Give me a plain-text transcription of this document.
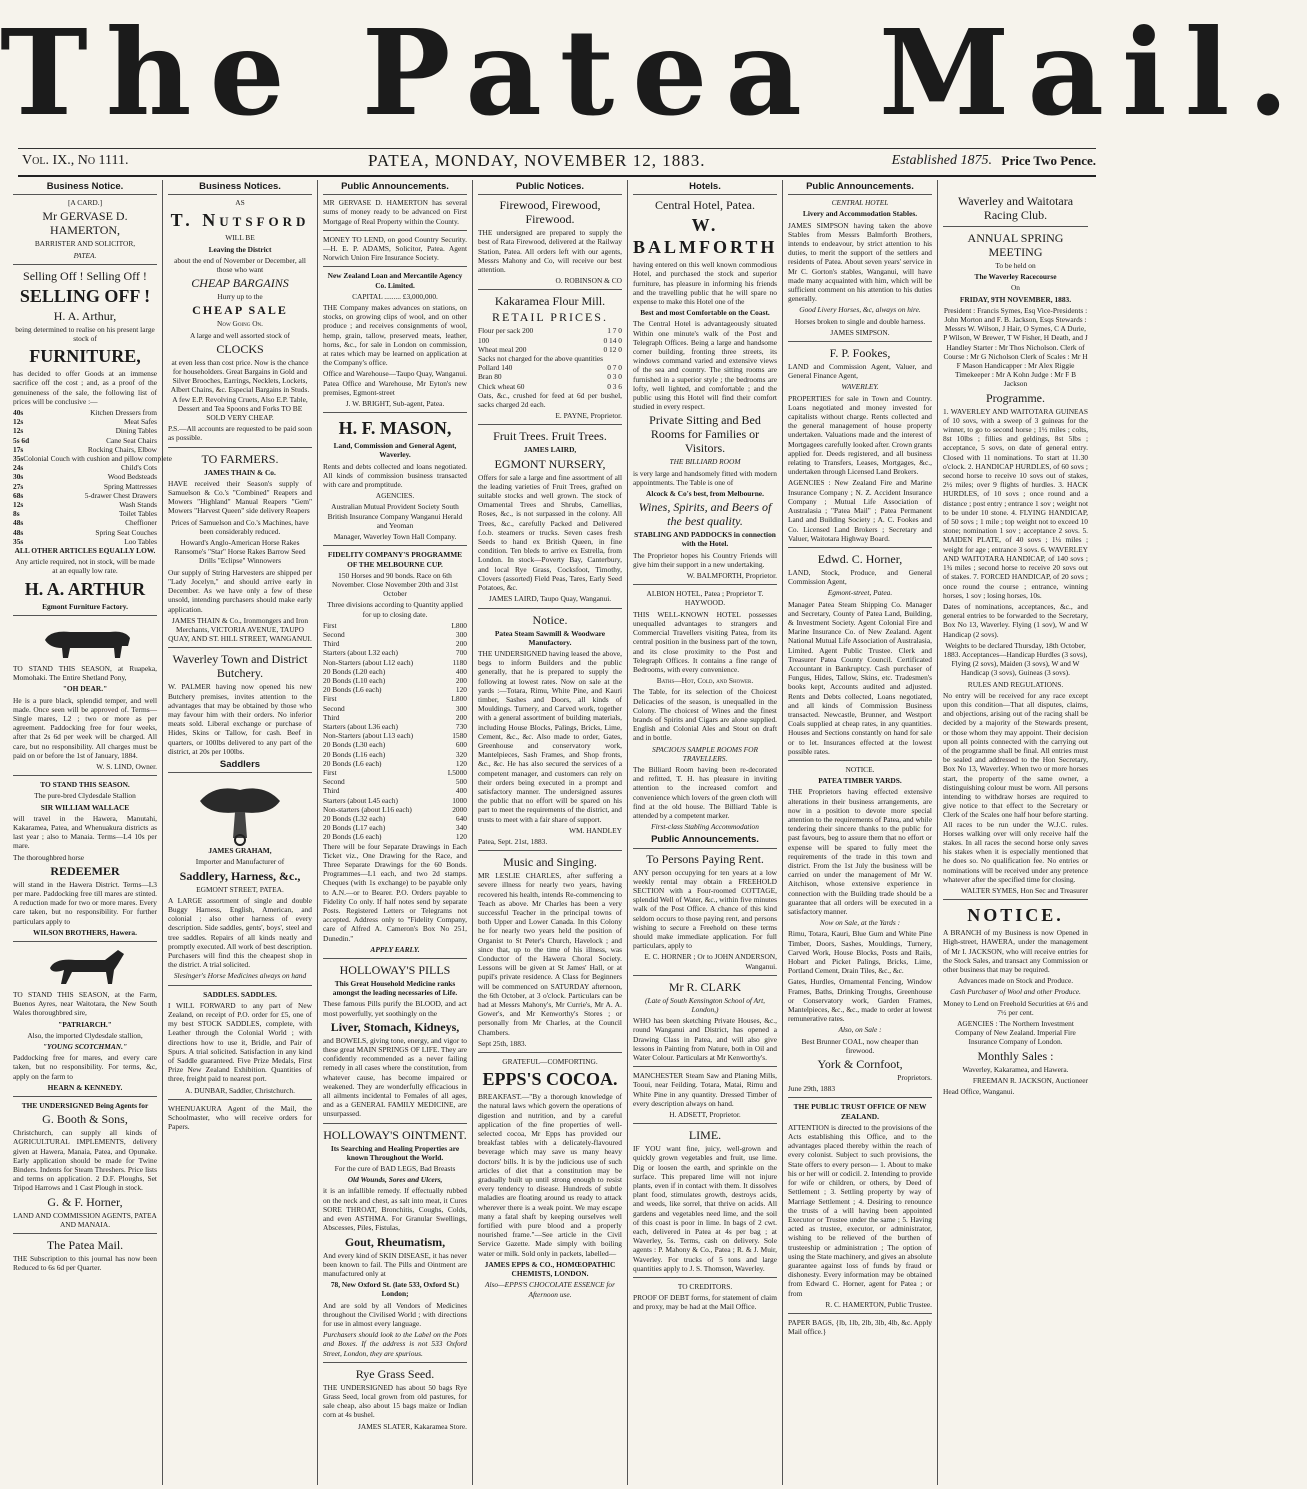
The Patea Mail.
Vol. IX., No 1111.	PATEA, MONDAY, NOVEMBER 12, 1883.	Established 1875. Price Two Pence.
Business Notice.

[A CARD.]

Mr GERVASE D. HAMERTON,

BARRISTER AND SOLICITOR,

PATEA.

Selling Off ! Selling Off !

SELLING OFF !

H. A. Arthur,

being determined to realise on his present large stock of

FURNITURE,

has decided to offer Goods at an immense sacrifice off the cost ; and, as a proof of the genuineness of the sale, the following list of prices will be conclusive :—

40s	Kitchen Dressers from
12s	Meat Safes
12s	Dining Tables
5s 6d	Cane Seat Chairs
17s	Rocking Chairs, Elbow
35s Colonial Couch with cushion and pillow complete
24s	Child's Cots
30s	Wood Bedsteads
27s	Spring Mattresses
68s	5-drawer Chest Drawers
12s	Wash Stands
8s	Toilet Tables
48s	Cheffioner
48s	Spring Seat Couches
35s	Loo Tables

ALL OTHER ARTICLES EQUALLY LOW.

Any article required, not in stock, will be made at an equally low rate.

H. A. ARTHUR

Egmont Furniture Factory.

TO STAND THIS SEASON, at Ruapeka, Momohaki. The Entire Shetland Pony,

"OH DEAR."

He is a pure black, splendid temper, and well made. Once seen will be approved of. Terms—Single mares, L2 ; two or more as per agreement. Paddocking free for four weeks, after that 2s 6d per week will be charged. All care, but no responsibility. All charges must be paid on or before the 1st of January, 1884.

W. S. LIND, Owner.

TO STAND THIS SEASON.

The pure-bred Clydesdale Stallion

SIR WILLIAM WALLACE

will travel in the Hawera, Manutahi, Kakaramea, Patea, and Whenuakura districts as last year ; also to Manaia. Terms—L4 10s per mare.

The thoroughbred horse

REDEEMER

will stand in the Hawera District. Terms—L3 per mare. Paddocking free till mares are stinted. A reduction made for two or more mares. Every care taken, but no responsibility. For further particulars apply to

WILSON BROTHERS, Hawera.

TO STAND THIS SEASON, at the Farm, Buenos Ayres, near Waitotara, the New South Wales thoroughbred sire,

"PATRIARCH."

Also, the imported Clydesdale stallion,

"YOUNG SCOTCHMAN."

Paddocking free for mares, and every care taken, but no responsibility. For terms, &c, apply on the farm to

HEARN & KENNEDY.

THE UNDERSIGNED Being Agents for

G. Booth & Sons,

Christchurch, can supply all kinds of AGRICULTURAL IMPLEMENTS, delivery given at Hawera, Manaia, Patea, and Opunake. Early application should be made for Twine Binders. Indents for Steam Threshers. Price lists and terms on application. 2 D.F. Ploughs, Set Tripod Harrows and 1 Cast Plough in stock.

G. & F. Horner,

LAND AND COMMISSION AGENTS, PATEA AND MANAIA.

The Patea Mail.

THE Subscription to this journal has now been Reduced to 6s 6d per Quarter.

Business Notices.

AS

T. Nutsford

WILL BE

Leaving the District

about the end of November or December, all those who want

CHEAP BARGAINS

Hurry up to the

CHEAP SALE

Now Going On.

A large and well assorted stock of

CLOCKS

at even less than cost price. Now is the chance for householders. Great Bargains in Gold and Silver Brooches, Earrings, Necklets, Lockets, Albert Chains, &c. Especial Bargains in Studs. A few E.P. Revolving Cruets, Also E.P. Table, Dessert and Tea Spoons and Forks TO BE SOLD VERY CHEAP.

P.S.—All accounts are requested to be paid soon as possible.

TO FARMERS.

JAMES THAIN & Co.

HAVE received their Season's supply of Samuelson & Co.'s "Combined" Reapers and Mowers "Highland" Manual Reapers "Gem" Mowers "Harvest Queen" side delivery Reapers

Prices of Samuelson and Co.'s Machines, have been considerably reduced.

Howard's Anglo-American Horse Rakes Ransome's "Star" Horse Rakes Barrow Seed Drills "Eclipse" Winnowers

Our supply of String Harvesters are shipped per "Lady Jocelyn," and should arrive early in December. As we have only a few of these unsold, intending purchasers should make early application.

JAMES THAIN & Co., Ironmongers and Iron Merchants, VICTORIA AVENUE, TAUPO QUAY, AND ST. HILL STREET, WANGANUI.

Waverley Town and District Butchery.

W. PALMER having now opened his new Butchery premises, invites attention to the advantages that may be obtained by those who may favour him with their orders. No inferior meats sold. Liberal exchange or purchase of Hides, Skins or Tallow, for cash. Beef in quarters, or 100lbs delivered to any part of the district, at 20s per 100lbs.

Saddlers

JAMES GRAHAM,

Importer and Manufacturer of

Saddlery, Harness, &c.,

EGMONT STREET, PATEA.

A LARGE assortment of single and double Buggy Harness, English, American, and colonial ; also other harness of every description. Side saddles, gents', boys', steel and tree saddles. Repairs of all kinds neatly and promptly executed. All work of best description. Purchasers will find this the cheapest shop in the district. A trial solicited.

Slesinger's Horse Medicines always on hand

SADDLES. SADDLES.

I WILL FORWARD to any part of New Zealand, on receipt of P.O. order for £5, one of my best STOCK SADDLES, complete, with Leather through the Colonial World ; with directions how to use it, Bridle, and Pair of Spurs. A trial solicited. Satisfaction in any kind of Saddle guaranteed. Five Prize Medals, First Prize New Zealand Exhibition. Quantities of three, freight paid to nearest port.

A. DUNBAR, Saddler, Christchurch.

WHENUAKURA Agent of the Mail, the Schoolmaster, who will receive orders for Papers.

Public Announcements.

MR GERVASE D. HAMERTON has several sums of money ready to be advanced on First Mortgage of Real Property within the County.

MONEY TO LEND, on good Country Security.—H. E. P. ADAMS, Solicitor, Patea. Agent Norwich Union Fire Insurance Society.

New Zealand Loan and Mercantile Agency Co. Limited.

CAPITAL ......... £3,000,000.

THE Company makes advances on stations, on stocks, on growing clips of wool, and on other produce ; and receives consignments of wool, hemp, grain, tallow, preserved meats, leather, horns, &c., for sale in London on commission, at rates which may be learned on application at the Company's office.

Office and Warehouse—Taupo Quay, Wanganui. Patea Office and Warehouse, Mr Eyton's new premises, Egmont-street

J. W. BRIGHT, Sub-agent, Patea.

H. F. MASON,

Land, Commission and General Agent, Waverley.

Rents and debts collected and loans negotiated. All kinds of commission business transacted with care and promptitude.

AGENCIES.

Australian Mutual Provident Society South British Insurance Company Wanganui Herald and Yeoman

Manager, Waverley Town Hall Company.

FIDELITY COMPANY'S PROGRAMME OF THE MELBOURNE CUP.

150 Horses and 90 bonds. Race on 6th November. Close November 20th and 31st October

Three divisions according to Quantity applied for up to closing date.

First	L800
Second	300
Third	200
Starters (about L32 each)	700
Non-Starters (about L12 each)	1180
20 Bonds (L20 each)	400
20 Bonds (L10 each)	200
20 Bonds (L6 each)	120
First	L800
Second	300
Third	200
Starters (about L36 each)	730
Non-Starters (about L13 each)	1580
20 Bonds (L30 each)	600
20 Bonds (L16 each)	320
20 Bonds (L6 each)	120
First	L5000
Second	500
Third	400
Starters (about L45 each)	1000
Non-starters (about L16 each)	2000
20 Bonds (L32 each)	640
20 Bonds (L17 each)	340
20 Bonds (L6 each)	120

There will be four Separate Drawings in Each Ticket viz., One Drawing for the Race, and Three Separate Drawings for the 60 Bonds. Programmes—L1 each, and two 2d stamps. Cheques (with 1s exchange) to be payable only to A.N.—or to Bearer. P.O. Orders payable to Fidelity Co only. If half notes send by separate Posts. Registered Letters or Telegrams not accepted. Address only to "Fidelity Company, care of Alfred A. Cameron's Box No 251, Dunedin."

APPLY EARLY.

HOLLOWAY'S PILLS

This Great Household Medicine ranks amongst the leading necessaries of Life.

These famous Pills purify the BLOOD, and act most powerfully, yet soothingly on the

Liver, Stomach, Kidneys,

and BOWELS, giving tone, energy, and vigor to these great MAIN SPRINGS OF LIFE. They are confidently recommended as a never failing remedy in all cases where the constitution, from whatever cause, has become impaired or weakened. They are wonderfully efficacious in all ailments incidental to Females of all ages, and as a GENERAL FAMILY MEDICINE, are unsurpassed.

HOLLOWAY'S OINTMENT.

Its Searching and Healing Properties are known Throughout the World.

For the cure of BAD LEGS, Bad Breasts

Old Wounds, Sores and Ulcers,

it is an infallible remedy. If effectually rubbed on the neck and chest, as salt into meat, it Cures SORE THROAT, Bronchitis, Coughs, Colds, and even ASTHMA. For Granular Swellings, Abscesses, Piles, Fistulas,

Gout, Rheumatism,

And every kind of SKIN DISEASE, it has never been known to fail. The Pills and Ointment are manufactured only at

78, New Oxford St. (late 533, Oxford St.) London;

And are sold by all Vendors of Medicines throughout the Civilised World ; with directions for use in almost every language.

Purchasers should look to the Label on the Pots and Boxes. If the address is not 533 Oxford Street, London, they are spurious.

Rye Grass Seed.

THE UNDERSIGNED has about 50 bags Rye Grass Seed, local grown from old pastures, for sale cheap, also about 15 bags maize or Indian corn at 4s bushel.

JAMES SLATER, Kakaramea Store.

Public Notices.

Firewood, Firewood, Firewood.

THE undersigned are prepared to supply the best of Rata Firewood, delivered at the Railway Station, Patea. All orders left with our agents, Messrs Mahony and Co, will receive our best attention.

O. ROBINSON & CO

Kakaramea Flour Mill.

RETAIL PRICES.

Flour per sack 200	1 7 0
100	0 14 0
Wheat meal 200	0 12 0
Sacks not charged for the above quantities
Pollard 140	0 7 0
Bran 80	0 3 0
Chick wheat 60	0 3 6

Oats, &c., crushed for feed at 6d per bushel, sacks charged 2d each.

E. PAYNE, Proprietor.

Fruit Trees. Fruit Trees.

JAMES LAIRD,

EGMONT NURSERY,

Offers for sale a large and fine assortment of all the leading varieties of Fruit Trees, grafted on suitable stocks and well grown. The stock of Ornamental Trees and Shrubs, Camellias, Roses, &c., is not surpassed in the colony. All Trees, &c., carefully Packed and Delivered f.o.b. steamers or trucks. Seven cases fresh Seeds to hand ex British Queen, in fine condition. Ten bleds to arrive ex Estrella, from London. In stock—Poverty Bay, Canterbury, and local Rye Grass, Cocksfoot, Timothy, Clovers (assorted) Field Peas, Tares, Early Seed Potatoes, &c.

JAMES LAIRD, Taupo Quay, Wanganui.

Notice.

Patea Steam Sawmill & Woodware Manufactory.

THE UNDERSIGNED having leased the above, begs to inform Builders and the public generally, that he is prepared to supply the following at lowest rates. Now on sale at the yards :—Totara, Rimu, White Pine, and Kauri timber, Sashes and Doors, all kinds of Mouldings. Turnery, and Carved work, together with a general assortment of building materials, including House Blocks, Palings, Bricks, Lime, Cement, &c., &c. Also made to order, Gates, Greenhouse and conservatory work, Mantelpieces, Sash Frames, and Shop fronts, &c., &c. He has also secured the services of a competent manager, and customers can rely on their orders being executed in a prompt and satisfactory manner. The undersigned assures the public that no effort will be spared on his part to meet the requirements of the district, and trusts to meet with a fair share of support.

WM. HANDLEY

Patea, Sept. 21st, 1883.

Music and Singing.

MR LESLIE CHARLES, after suffering a severe illness for nearly two years, having recovered his health, intends Re-commencing to Teach as above. Mr Charles has been a very successful Teacher in the principal towns of both Upper and Lower Canada. In this Colony he for nearly two years held the position of Organist to St Peter's Church, Havelock ; and since that, up to the time of his illness, was Conductor of the Hawera Choral Society. Lessons will be given at St James' Hall, or at pupil's private residence. A Class for Beginners will be commenced on SATURDAY afternoon, the 6th October, at 3 o'clock. Particulars can be had at Messrs Mahony's, Mr Currie's, Mr A. A. Gower's, and Mr Kenworthy's Stores ; or personally from Mr Charles, at the Council Chambers.

Sept 25th, 1883.

GRATEFUL—COMFORTING.

EPPS'S COCOA.

BREAKFAST.—"By a thorough knowledge of the natural laws which govern the operations of digestion and nutrition, and by a careful application of the fine properties of well-selected cocoa, Mr Epps has provided our breakfast tables with a delicately-flavoured beverage which may save us many heavy doctors' bills. It is by the judicious use of such articles of diet that a constitution may be gradually built up until strong enough to resist every tendency to disease. Hundreds of subtle maladies are floating around us ready to attack wherever there is a weak point. We may escape many a fatal shaft by keeping ourselves well fortified with pure blood and a properly nourished frame."—See article in the Civil Service Gazette. Made simply with boiling water or milk. Sold only in packets, labelled—

JAMES EPPS & CO., HOMŒOPATHIC CHEMISTS, LONDON.

Also—EPPS'S CHOCOLATE ESSENCE for Afternoon use.

Hotels.

Central Hotel, Patea.

W. BALMFORTH

having entered on this well known commodious Hotel, and purchased the stock and superior furniture, has pleasure in informing his friends and the travelling public that he will spare no expense to make this Hotel one of the

Best and most Comfortable on the Coast.

The Central Hotel is advantageously situated Within one minute's walk of the Post and Telegraph Offices. Being a large and handsome corner building, fronting three streets, its windows command varied and extensive views of the sea and country. The sitting rooms are furnished in a superior style ; the bedrooms are lofty, well lighted, and comfortable ; and the public using this Hotel will find their comfort studied in every respect.

Private Sitting and Bed Rooms for Families or Visitors.

THE BILLIARD ROOM

is very large and handsomely fitted with modern appointments. The Table is one of

Alcock & Co's best, from Melbourne.

Wines, Spirits, and Beers of the best quality.

STABLING AND PADDOCKS in connection with the Hotel.

The Proprietor hopes his Country Friends will give him their support in a new undertaking.

W. BALMFORTH, Proprietor.

ALBION HOTEL, Patea ; Proprietor T. HAYWOOD.

THIS WELL-KNOWN HOTEL possesses unequalled advantages to strangers and Commercial Travellers visiting Patea, from its central position in the business part of the town, and its close proximity to the Post and Telegraph Offices. It contains a fine range of Bedrooms, with every convenience.

Baths—Hot, Cold, and Shower.

The Table, for its selection of the Choicest Delicacies of the season, is unequalled in the Colony. The choicest of Wines and the finest brands of Spirits and Cigars are alone supplied. English and Colonial Ales and Stout on draft and in bottle.

SPACIOUS SAMPLE ROOMS FOR TRAVELLERS.

The Billiard Room having been re-decorated and refitted, T. H. has pleasure in inviting attention to the increased comfort and convenience which lovers of the green cloth will find at the old house. The Billiard Table is attended by a competent marker.

First-class Stabling Accommodation

Public Announcements.

To Persons Paying Rent.

ANY person occupying for ten years at a low weekly rental may obtain a FREEHOLD SECTION with a Four-roomed COTTAGE, splendid Well of Water, &c., within five minutes walk of the Post Office. A chance of this kind seldom occurs to those paying rent, and persons wishing to secure a Freehold on these terms should make immediate application. For full particulars, apply to

E. C. HORNER ; Or to JOHN ANDERSON, Wanganui.

Mr R. CLARK

(Late of South Kensington School of Art, London,)

WHO has been sketching Private Houses, &c., round Wanganui and District, has opened a Drawing Class in Patea, and will also give lessons in Painting from Nature, both in Oil and Water Colour. Particulars at Mr Kenworthy's.

MANCHESTER Steam Saw and Planing Mills, Tooui, near Feilding. Totara, Matai, Rimu and White Pine in any quantity. Dressed Timber of every description always on hand.

H. ADSETT, Proprietor.

LIME.

IF YOU want fine, juicy, well-grown and quickly grown vegetables and fruit, use lime. Dig or loosen the earth, and sprinkle on the surface. This prepared lime will not injure plants, even if in contact with them. It dissolves plant food, stimulates growth, destroys acids, and weeds, like sorrel, that thrive on acids. All gardens and vegetables need lime, and the soil of this coast is poor in lime. In bags of 2 cwt. each, delivered in Patea at 4s per bag ; at Waverley, 5s. Terms, cash on delivery. Sole agents : P. Mahony & Co., Patea ; R. & J. Muir, Waverley. For trucks of 5 tons and large quantities apply to J. S. Thomson, Waverley.

TO CREDITORS.

PROOF OF DEBT forms, for statement of claim and proxy, may be had at the Mail Office.

Public Announcements.

CENTRAL HOTEL

Livery and Accommodation Stables.

JAMES SIMPSON having taken the above Stables from Messrs Balmforth Brothers, intends to endeavour, by strict attention to his duties, to merit the support of the settlers and residents of Patea. About seven years' service in Mr C. Gorton's stables, Wanganui, will have made many acquainted with him, which will be sufficient comment on his attention to his duties generally.

Good Livery Horses, &c, always on hire.

Horses broken to single and double harness.

JAMES SIMPSON.

F. P. Fookes,

LAND and Commission Agent, Valuer, and General Finance Agent,

WAVERLEY.

PROPERTIES for sale in Town and Country. Loans negotiated and money invested for capitalists without charge. Rents collected and the general management of house property undertaken. Valuations made and the interest of Mortgagees carefully looked after. Crown grants applied for. Deeds registered, and all business relating to Transfers, Leases, Mortgages, &c., undertaken through Licensed Land Brokers.

AGENCIES : New Zealand Fire and Marine Insurance Company ; N. Z. Accident Insurance Company ; Mutual Life Association of Australasia ; "Patea Mail" ; Patea Permanent Land and Building Society ; A. C. Fookes and Co. Licensed Land Brokers ; Secretary and Valuer, Waitotara Highway Board.

Edwd. C. Horner,

LAND, Stock, Produce, and General Commission Agent,

Egmont-street, Patea.

Manager Patea Steam Shipping Co. Manager and Secretary, County of Patea Land, Building, & Investment Society. Agent Colonial Fire and Marine Insurance Co. of New Zealand. Agent National Mutual Life Association of Australasia, Limited. Agent Public Trustee. Clerk and Treasurer Patea County Council. Certificated Accountant in Bankruptcy. Cash purchaser of Fungus, Hides, Tallow, Skins, etc. Tradesmen's books kept, Accounts audited and adjusted. Rents and Debts collected, Loans negotiated, and all kinds of Commission Business transacted. Newcastle, Brunner, and Westport Coals supplied at cheap rates, in any quantities. Houses and Sections constantly on hand for sale or to let. Insurances effected at the lowest possible rates.

NOTICE.

PATEA TIMBER YARDS.

THE Proprietors having effected extensive alterations in their business arrangements, are now in a position to devote more special attention to the requirements of Patea, and while tendering their sincere thanks to the public for past favours, beg to assure them that no effort or expense will be spared to fully meet the requirements of the trade in this town and district. From the 1st July the business will be carried on under the management of Mr W. Aitchison, whose extensive experience in connection with the Building trade should be a guarantee that all orders will be executed in a satisfactory manner.

Now on Sale, at the Yards :

Rimu, Totara, Kauri, Blue Gum and White Pine Timber, Doors, Sashes, Mouldings, Turnery, Carved Work, House Blocks, Posts and Rails, Hobart and Picket Palings, Bricks, Lime, Portland Cement, Drain Tiles, &c., &c.

Gates, Hurdles, Ornamental Fencing, Window Frames, Baths, Drinking Troughs, Greenhouse or Conservatory work, Garden Frames, Mantelpieces, &c., &c., made to order at lowest remunerative rates.

Also, on Sale :

Best Brunner COAL, now cheaper than firewood.

York & Cornfoot,

Proprietors.

June 29th, 1883

THE PUBLIC TRUST OFFICE OF NEW ZEALAND.

ATTENTION is directed to the provisions of the Acts establishing this Office, and to the advantages placed thereby within the reach of every colonist. Subject to such provisions, the State offers to every person— 1. About to make his or her will or codicil. 2. Intending to provide for wife or children, or others, by Deed of Settlement ; 3. Settling property by way of Marriage Settlement ; 4. Desiring to renounce the trusts of a will having been appointed Executor or Trustee under the same ; 5. Having acted as trustee, executor, or administrator, wishing to be relieved of the burthen of trusteeship or administration ; The option of using the State machinery, and gives an absolute guarantee against loss of funds by fraud or dishonesty. Every information may be obtained from Edward C. Horner, agent for Patea ; or from

R. C. HAMERTON, Public Trustee.

PAPER BAGS, {lb, 1lb, 2lb, 3lb, 4lb, &c. Apply Mail office.}

Waverley and Waitotara Racing Club.

ANNUAL SPRING MEETING

To be held on

The Waverley Racecourse

On

FRIDAY, 9TH NOVEMBER, 1883.

President : Francis Symes, Esq Vice-Presidents : John Morton and F. B. Jackson, Esqs Stewards : Messrs W. Wilson, J Hair, O Symes, C A Durie, P Wilson, W Brewer, T W Fisher, H Death, and J Handley Starter : Mr Thos Nicholson. Clerk of Course : Mr G Nicholson Clerk of Scales : Mr H F Mason Handicapper : Mr Alex Riggie Timekeeper : Mr A Kohn Judge : Mr F B Jackson

Programme.

1. WAVERLEY AND WAITOTARA GUINEAS of 10 sovs, with a sweep of 3 guineas for the winner, to go to second horse ; 1½ miles ; colts, 8st 10lbs ; fillies and geldings, 8st 5lbs ; acceptance, 5 sovs, on date of general entry. Closed with 11 nominations. To start at 11.30 o'clock. 2. HANDICAP HURDLES, of 60 sovs ; second horse to receive 10 sovs out of stakes, 2½ miles; over 9 flights of hurdles. 3. HACK HURDLES, of 10 sovs ; once round and a distance ; post entry ; entrance 1 sov ; weight not to be under 10 stone. 4. FLYING HANDICAP, of 50 sovs ; 1 mile ; top weight not to exceed 10 stone; nomination 1 sov ; acceptance 2 sovs. 5. MAIDEN PLATE, of 40 sovs ; 1¼ miles ; weight for age ; entrance 3 sovs. 6. WAVERLEY AND WAITOTARA HANDICAP, of 140 sovs ; 1¾ miles ; second horse to receive 20 sovs out of stakes. 7. FORCED HANDICAP, of 20 sovs ; once round the course ; entrance, winning horses, 1 sov ; losing horses, 10s.

Dates of nominations, acceptances, &c., and general entries to be forwarded to the Secretary, Box No 13, Waverley. Flying (1 sov), W and W Handicap (2 sovs).

Weights to be declared Thursday, 18th October, 1883. Acceptances—Handicap Hurdles (3 sovs), Flying (2 sovs), Maiden (3 sovs), W and W Handicap (3 sovs), Guineas (3 sovs).

RULES AND REGULATIONS.

No entry will be received for any race except upon this condition—That all disputes, claims, and objections, arising out of the racing shall be decided by a majority of the Stewards present, or those whom they may appoint. Their decision upon all points connected with the carrying out of the programme shall be final. All entries must be sealed and addressed to the Hon Secretary, Box No 13, Waverley. When two or more horses start, the property of the same owner, a distinguishing colour must be worn. All persons intending to withdraw horses are required to give notice to that effect to the Secretary or Clerk of the Scales one half hour before starting. All races to be run under the W.J.C. rules. Horses walking over will only receive half the stakes. In all races the second horse only saves his stakes when it is especially mentioned that he does so. No qualification fee. No entries or nominations will be received under any pretence whatever after the specified time for closing.

WALTER SYMES, Hon Sec and Treasurer

NOTICE.

A BRANCH of my Business is now Opened in High-street, HAWERA, under the management of Mr I. JACKSON, who will receive entries for the Stock Sales, and transact any Commission or other business that may be required.

Advances made on Stock and Produce.

Cash Purchaser of Wool and other Produce.

Money to Lend on Freehold Securities at 6½ and 7½ per cent.

AGENCIES : The Northern Investment Company of New Zealand. Imperial Fire Insurance Company of London.

Monthly Sales :

Waverley, Kakaramea, and Hawera.

FREEMAN R. JACKSON, Auctioneer

Head Office, Wanganui.
